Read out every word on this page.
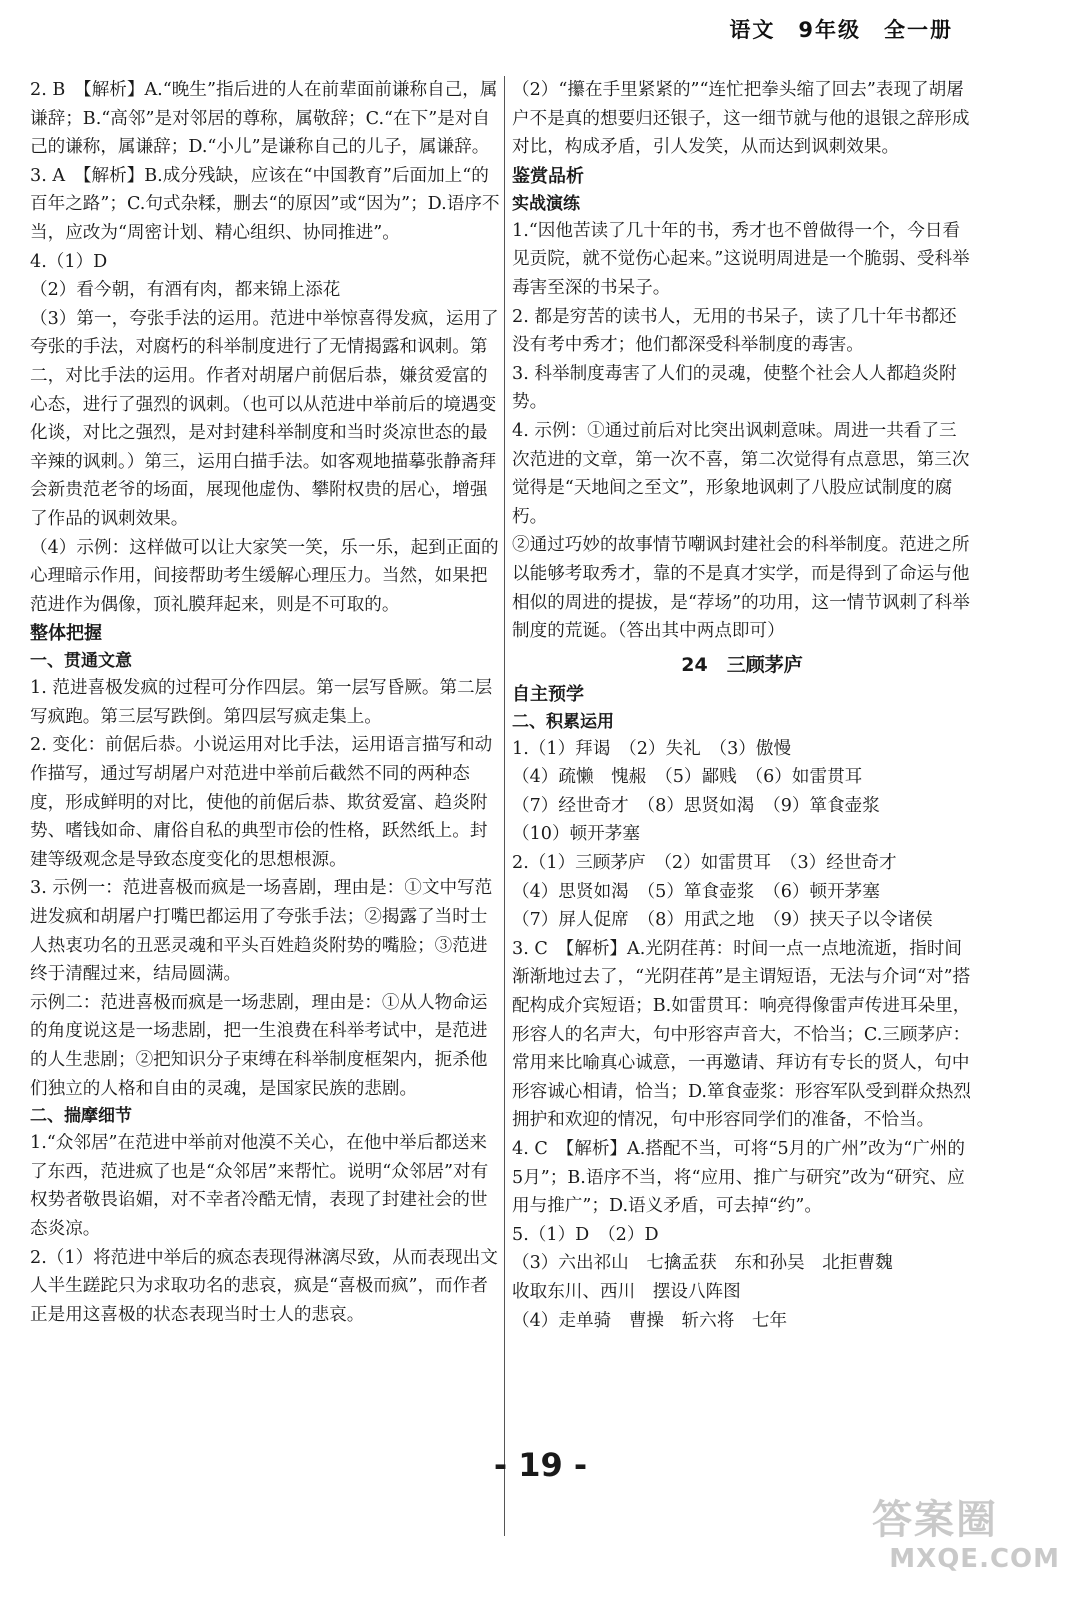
语文　9年级　全一册

2. B　【解析】A.“晚生”指后进的人在前辈面前谦称自己，属谦辞；B.“高邻”是对邻居的尊称，属敬辞；C.“在下”是对自己的谦称，属谦辞；D.“小儿”是谦称自己的儿子，属谦辞。

3. A　【解析】B.成分残缺，应该在“中国教育”后面加上“的百年之路”；C.句式杂糅，删去“的原因”或“因为”；D.语序不当，应改为“周密计划、精心组织、协同推进”。

4.（1）D
（2）看今朝，有酒有肉，都来锦上添花
（3）第一，夸张手法的运用。范进中举惊喜得发疯，运用了夸张的手法，对腐朽的科举制度进行了无情揭露和讽刺。第二，对比手法的运用。作者对胡屠户前倨后恭，嫌贫爱富的心态，进行了强烈的讽刺。（也可以从范进中举前后的境遇变化谈，对比之强烈，是对封建科举制度和当时炎凉世态的最辛辣的讽刺。）第三，运用白描手法。如客观地描摹张静斋拜会新贵范老爷的场面，展现他虚伪、攀附权贵的居心，增强了作品的讽刺效果。
（4）示例：这样做可以让大家笑一笑，乐一乐，起到正面的心理暗示作用，间接帮助考生缓解心理压力。当然，如果把范进作为偶像，顶礼膜拜起来，则是不可取的。

整体把握

一、贯通文意

1. 范进喜极发疯的过程可分作四层。第一层写昏厥。第二层写疯跑。第三层写跌倒。第四层写疯走集上。

2. 变化：前倨后恭。小说运用对比手法，运用语言描写和动作描写，通过写胡屠户对范进中举前后截然不同的两种态度，形成鲜明的对比，使他的前倨后恭、欺贫爱富、趋炎附势、嗜钱如命、庸俗自私的典型市侩的性格，跃然纸上。封建等级观念是导致态度变化的思想根源。

3. 示例一：范进喜极而疯是一场喜剧，理由是：①文中写范进发疯和胡屠户打嘴巴都运用了夸张手法；②揭露了当时士人热衷功名的丑恶灵魂和平头百姓趋炎附势的嘴脸；③范进终于清醒过来，结局圆满。
示例二：范进喜极而疯是一场悲剧，理由是：①从人物命运的角度说这是一场悲剧，把一生浪费在科举考试中，是范进的人生悲剧；②把知识分子束缚在科举制度框架内，扼杀他们独立的人格和自由的灵魂，是国家民族的悲剧。

二、揣摩细节

1.“众邻居”在范进中举前对他漠不关心，在他中举后都送来了东西，范进疯了也是“众邻居”来帮忙。说明“众邻居”对有权势者敬畏谄媚，对不幸者冷酷无情，表现了封建社会的世态炎凉。

2.（1）将范进中举后的疯态表现得淋漓尽致，从而表现出文人半生蹉跎只为求取功名的悲哀，疯是“喜极而疯”，而作者正是用这喜极的状态表现当时士人的悲哀。

（2）“攥在手里紧紧的”“连忙把拳头缩了回去”表现了胡屠户不是真的想要归还银子，这一细节就与他的退银之辞形成对比，构成矛盾，引人发笑，从而达到讽刺效果。

鉴赏品析

实战演练

1.“因他苦读了几十年的书，秀才也不曾做得一个，今日看见贡院，就不觉伤心起来。”这说明周进是一个脆弱、受科举毒害至深的书呆子。

2. 都是穷苦的读书人，无用的书呆子，读了几十年书都还没有考中秀才；他们都深受科举制度的毒害。

3. 科举制度毒害了人们的灵魂，使整个社会人人都趋炎附势。

4. 示例：①通过前后对比突出讽刺意味。周进一共看了三次范进的文章，第一次不喜，第二次觉得有点意思，第三次觉得是“天地间之至文”，形象地讽刺了八股应试制度的腐朽。
②通过巧妙的故事情节嘲讽封建社会的科举制度。范进之所以能够考取秀才，靠的不是真才实学，而是得到了命运与他相似的周进的提拔，是“荐场”的功用，这一情节讽刺了科举制度的荒诞。（答出其中两点即可）

24　三顾茅庐

自主预学

二、积累运用

1.（1）拜谒　（2）失礼　（3）傲慢
（4）疏懒　愧赧　（5）鄙贱　（6）如雷贯耳
（7）经世奇才　（8）思贤如渴　（9）箪食壶浆
（10）顿开茅塞

2.（1）三顾茅庐　（2）如雷贯耳　（3）经世奇才
（4）思贤如渴　（5）箪食壶浆　（6）顿开茅塞
（7）屏人促席　（8）用武之地　（9）挟天子以令诸侯

3. C　【解析】A.光阴荏苒：时间一点一点地流逝，指时间渐渐地过去了，“光阴荏苒”是主谓短语，无法与介词“对”搭配构成介宾短语；B.如雷贯耳：响亮得像雷声传进耳朵里，形容人的名声大，句中形容声音大，不恰当；C.三顾茅庐：常用来比喻真心诚意，一再邀请、拜访有专长的贤人，句中形容诚心相请，恰当；D.箪食壶浆：形容军队受到群众热烈拥护和欢迎的情况，句中形容同学们的准备，不恰当。

4. C　【解析】A.搭配不当，可将“5月的广州”改为“广州的5月”；B.语序不当，将“应用、推广与研究”改为“研究、应用与推广”；D.语义矛盾，可去掉“约”。

5.（1）D　（2）D
（3）六出祁山　七擒孟获　东和孙吴　北拒曹魏
收取东川、西川　摆设八阵图
（4）走单骑　曹操　斩六将　七年

- 19 -
答案圈
MXQE.COM
